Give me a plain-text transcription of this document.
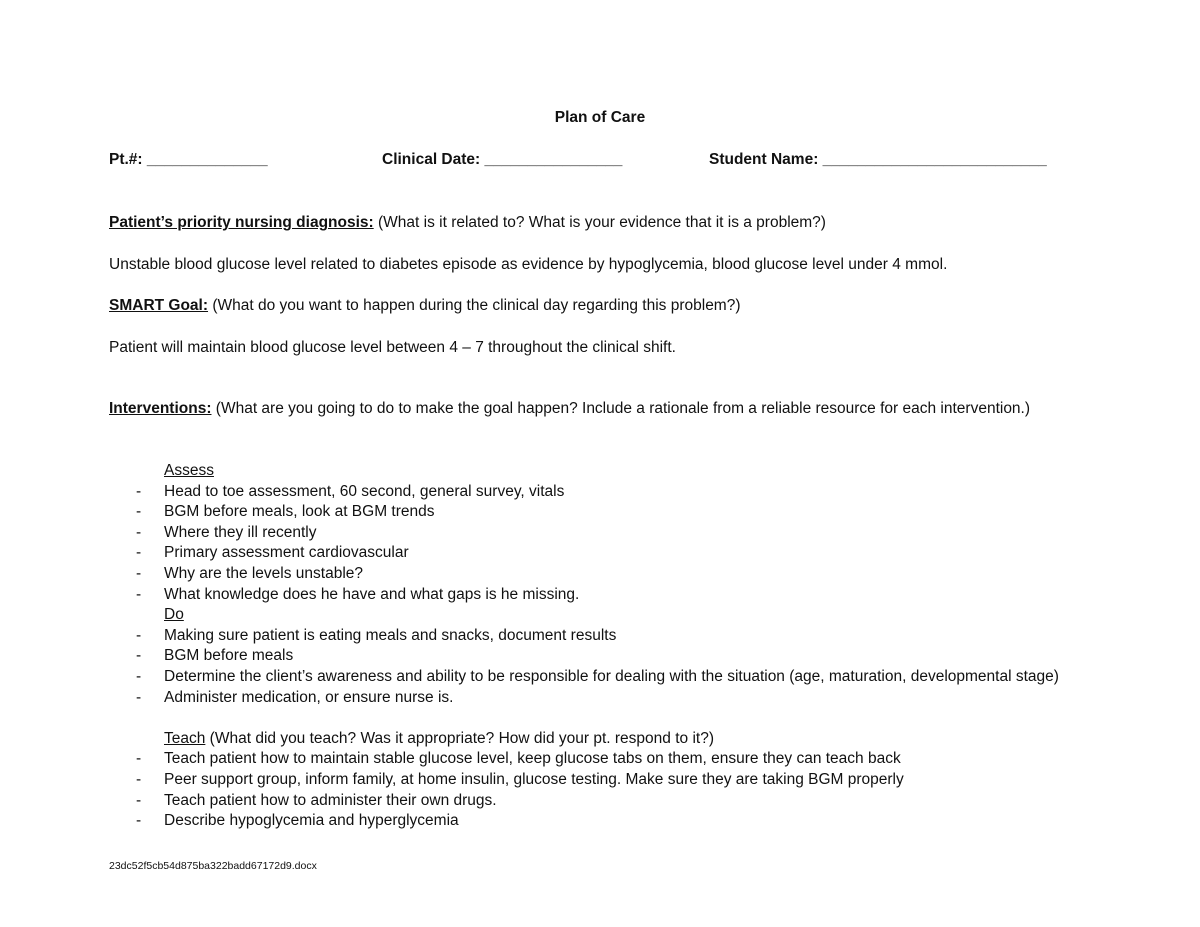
Plan of Care
Pt.#: ______________	Clinical Date: ________________	Student Name: __________________________
Patient’s priority nursing diagnosis: (What is it related to? What is your evidence that it is a problem?)
Unstable blood glucose level related to diabetes episode as evidence by hypoglycemia, blood glucose level under 4 mmol.
SMART Goal: (What do you want to happen during the clinical day regarding this problem?)
Patient will maintain blood glucose level between 4 – 7 throughout the clinical shift.
Interventions: (What are you going to do to make the goal happen? Include a rationale from a reliable resource for each intervention.)
Assess
- Head to toe assessment, 60 second, general survey, vitals
- BGM before meals, look at BGM trends
- Where they ill recently
- Primary assessment cardiovascular
- Why are the levels unstable?
- What knowledge does he have and what gaps is he missing.
Do
- Making sure patient is eating meals and snacks, document results
- BGM before meals
- Determine the client’s awareness and ability to be responsible for dealing with the situation (age, maturation, developmental stage)
- Administer medication, or ensure nurse is.
Teach (What did you teach? Was it appropriate? How did your pt. respond to it?)
- Teach patient how to maintain stable glucose level, keep glucose tabs on them, ensure they can teach back
- Peer support group, inform family, at home insulin, glucose testing. Make sure they are taking BGM properly
- Teach patient how to administer their own drugs.
- Describe hypoglycemia and hyperglycemia
23dc52f5cb54d875ba322badd67172d9.docx
